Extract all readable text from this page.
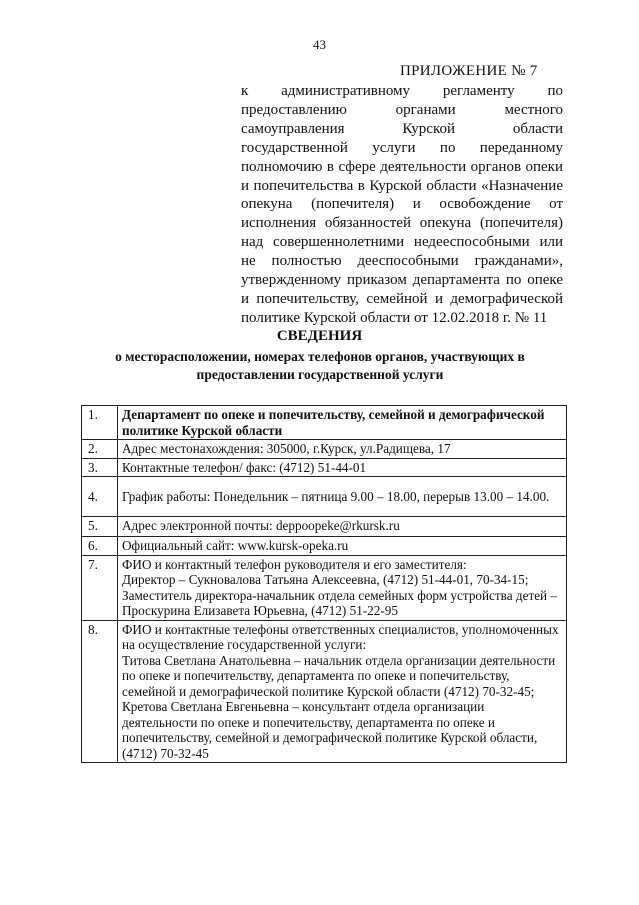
43
ПРИЛОЖЕНИЕ № 7
к административному регламенту по предоставлению органами местного самоуправления Курской области государственной услуги по переданному полномочию в сфере деятельности органов опеки и попечительства в Курской области «Назначение опекуна (попечителя) и освобождение от исполнения обязанностей опекуна (попечителя) над совершеннолетними недееспособными или не полностью дееспособными гражданами», утвержденному приказом департамента по опеке и попечительству, семейной и демографической политике Курской области от 12.02.2018 г. № 11
СВЕДЕНИЯ
о месторасположении, номерах телефонов органов, участвующих в предоставлении государственной услуги
1.	Департамент по опеке и попечительству, семейной и демографической политике Курской области
2.	Адрес местонахождения: 305000, г.Курск, ул.Радищева, 17
3.	Контактные телефон/ факс: (4712) 51-44-01
4.	График работы: Понедельник – пятница 9.00 – 18.00, перерыв 13.00 – 14.00.
5.	Адрес электронной почты: deppoopeke@rkursk.ru
6.	Официальный сайт: www.kursk-opeka.ru
7.	ФИО и контактный телефон руководителя и его заместителя:
Директор – Сукновалова Татьяна Алексеевна, (4712) 51-44-01, 70-34-15;
Заместитель директора-начальник отдела семейных форм устройства детей – Проскурина Елизавета Юрьевна, (4712) 51-22-95

8.	ФИО и контактные телефоны ответственных специалистов, уполномоченных на осуществление государственной услуги:
Титова Светлана Анатольевна – начальник отдела организации деятельности по опеке и попечительству, департамента по опеке и попечительству, семейной и демографической политике Курской области (4712) 70-32-45;
Кретова Светлана Евгеньевна – консультант отдела организации деятельности по опеке и попечительству, департамента по опеке и попечительству, семейной и демографической политике Курской области, (4712) 70-32-45
